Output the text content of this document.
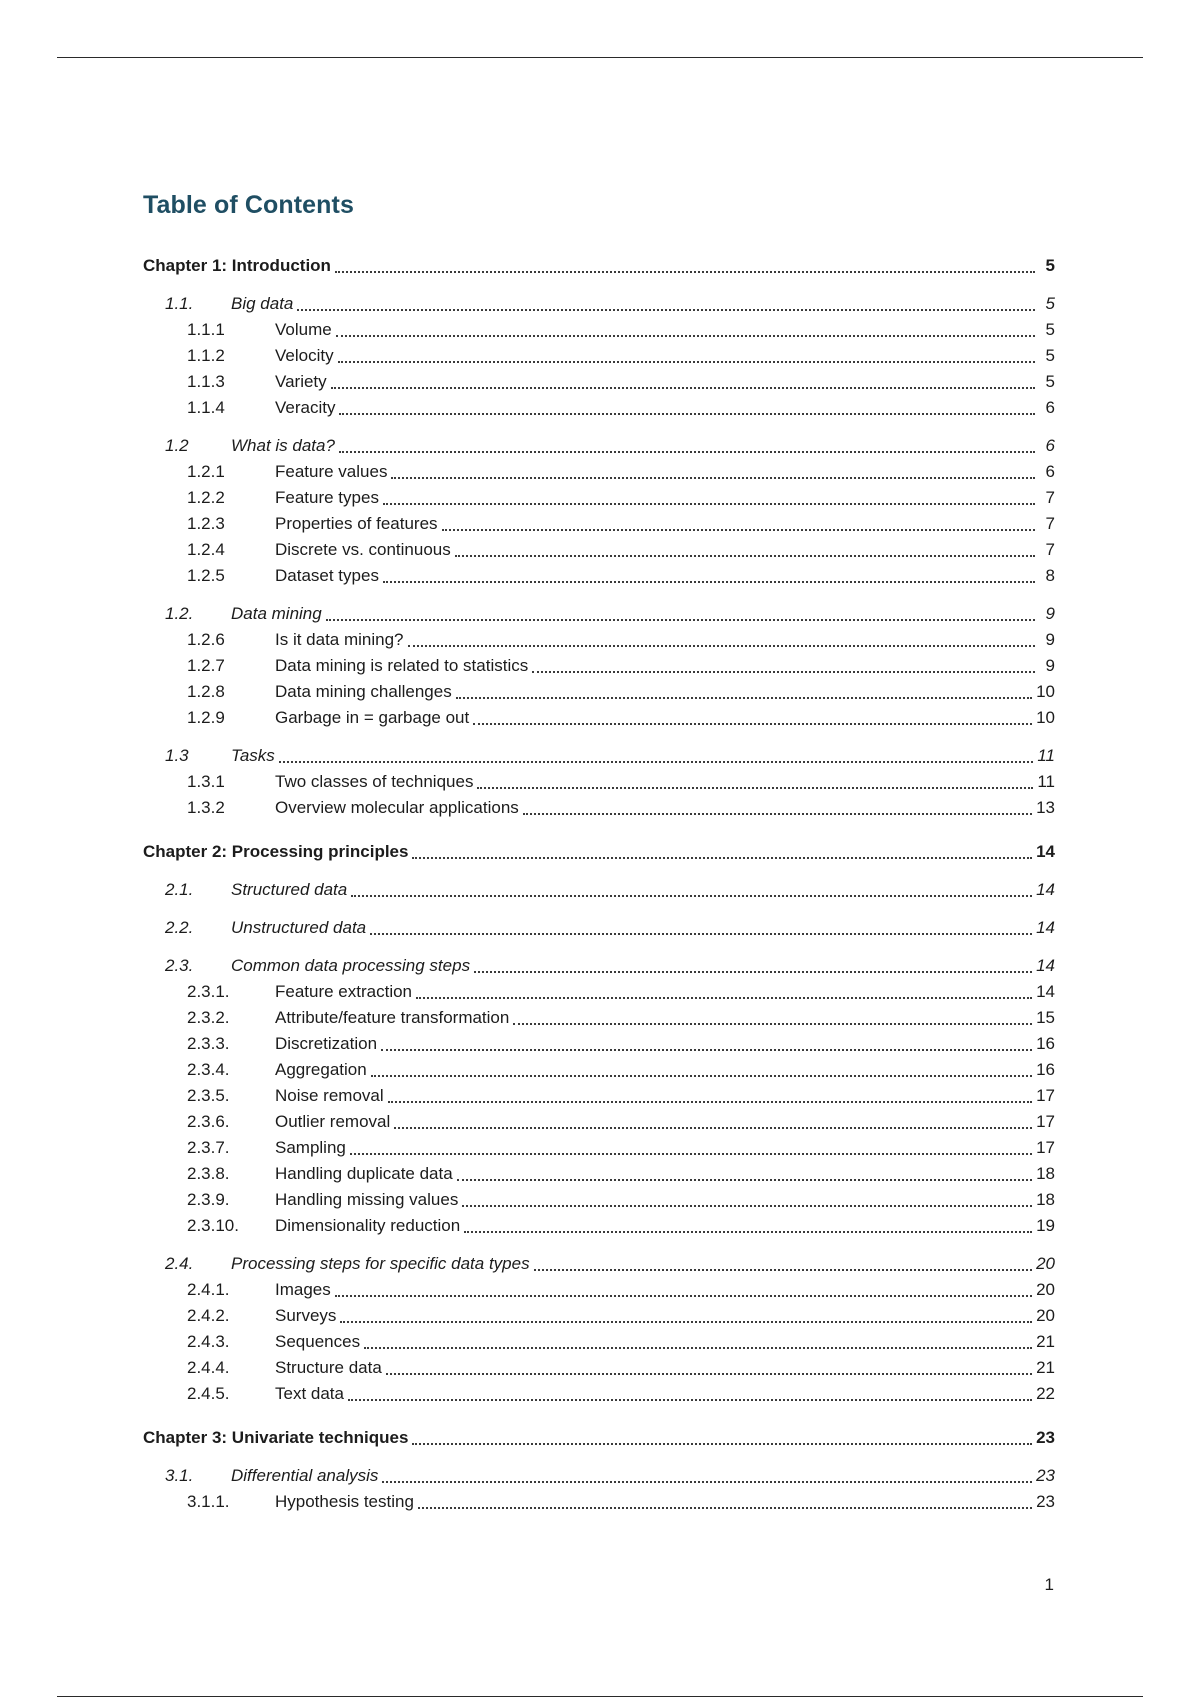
Table of Contents
Chapter 1: Introduction	5
1.1.	Big data	5
1.1.1	Volume	5
1.1.2	Velocity	5
1.1.3	Variety	5
1.1.4	Veracity	6
1.2	What is data?	6
1.2.1	Feature values	6
1.2.2	Feature types	7
1.2.3	Properties of features	7
1.2.4	Discrete vs. continuous	7
1.2.5	Dataset types	8
1.2.	Data mining	9
1.2.6	Is it data mining?	9
1.2.7	Data mining is related to statistics	9
1.2.8	Data mining challenges	10
1.2.9	Garbage in = garbage out	10
1.3	Tasks	11
1.3.1	Two classes of techniques	11
1.3.2	Overview molecular applications	13
Chapter 2: Processing principles	14
2.1.	Structured data	14
2.2.	Unstructured data	14
2.3.	Common data processing steps	14
2.3.1.	Feature extraction	14
2.3.2.	Attribute/feature transformation	15
2.3.3.	Discretization	16
2.3.4.	Aggregation	16
2.3.5.	Noise removal	17
2.3.6.	Outlier removal	17
2.3.7.	Sampling	17
2.3.8.	Handling duplicate data	18
2.3.9.	Handling missing values	18
2.3.10.	Dimensionality reduction	19
2.4.	Processing steps for specific data types	20
2.4.1.	Images	20
2.4.2.	Surveys	20
2.4.3.	Sequences	21
2.4.4.	Structure data	21
2.4.5.	Text data	22
Chapter 3: Univariate techniques	23
3.1.	Differential analysis	23
3.1.1.	Hypothesis testing	23
1
